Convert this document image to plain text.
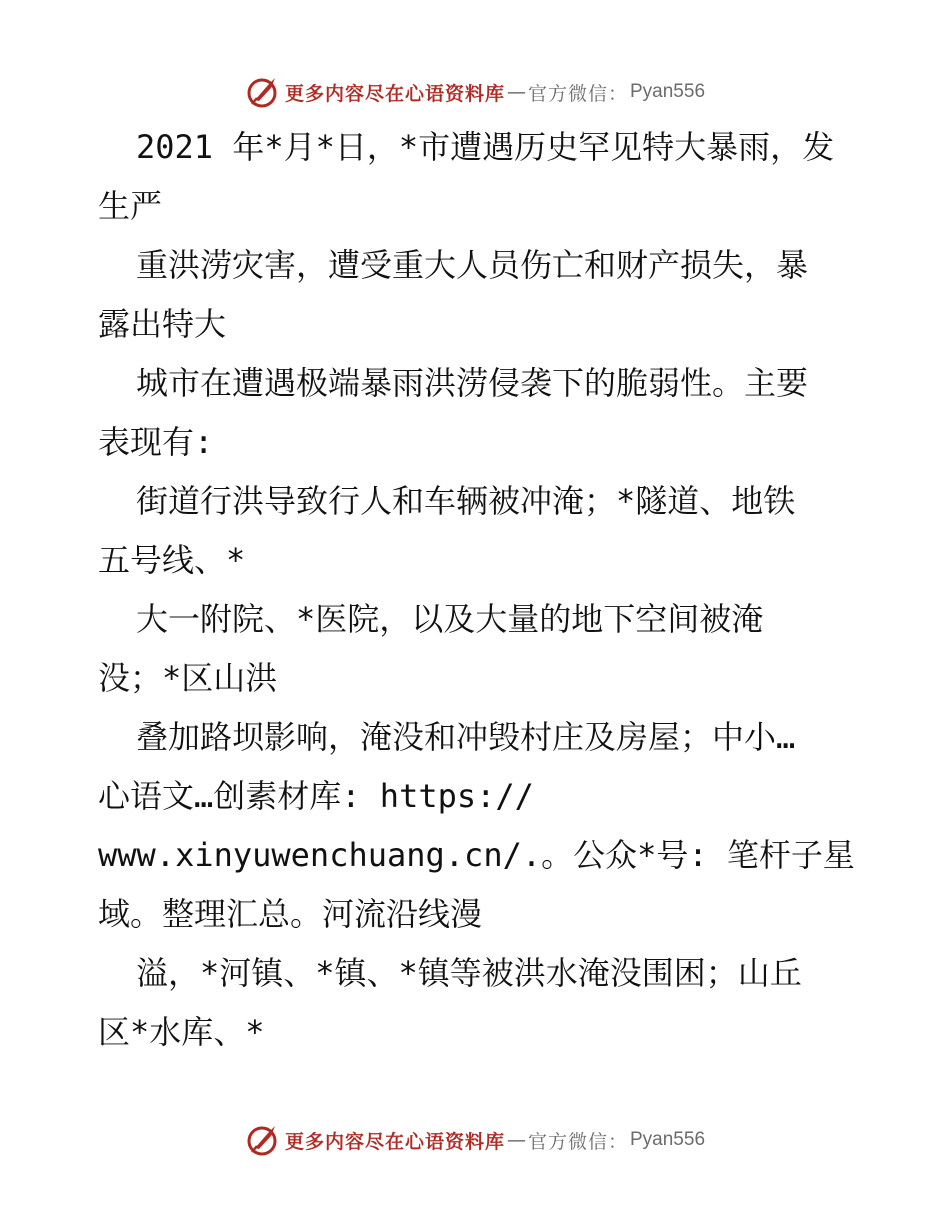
更多内容尽在心语资料库 — 官方微信： Pyan556
2021 年*月*日，*市遭遇历史罕见特大暴雨，发
生严
重洪涝灾害，遭受重大人员伤亡和财产损失，暴
露出特大
城市在遭遇极端暴雨洪涝侵袭下的脆弱性。主要
表现有:
街道行洪导致行人和车辆被冲淹；*隧道、地铁
五号线、*
大一附院、*医院，以及大量的地下空间被淹
没；*区山洪
叠加路坝影响，淹没和冲毁村庄及房屋；中小…
心语文…创素材库: https://
www.xinyuwenchuang.cn/.。公众*号: 笔杆子星
域。整理汇总。河流沿线漫
溢，*河镇、*镇、*镇等被洪水淹没围困；山丘
区*水库、*
更多内容尽在心语资料库 — 官方微信： Pyan556
